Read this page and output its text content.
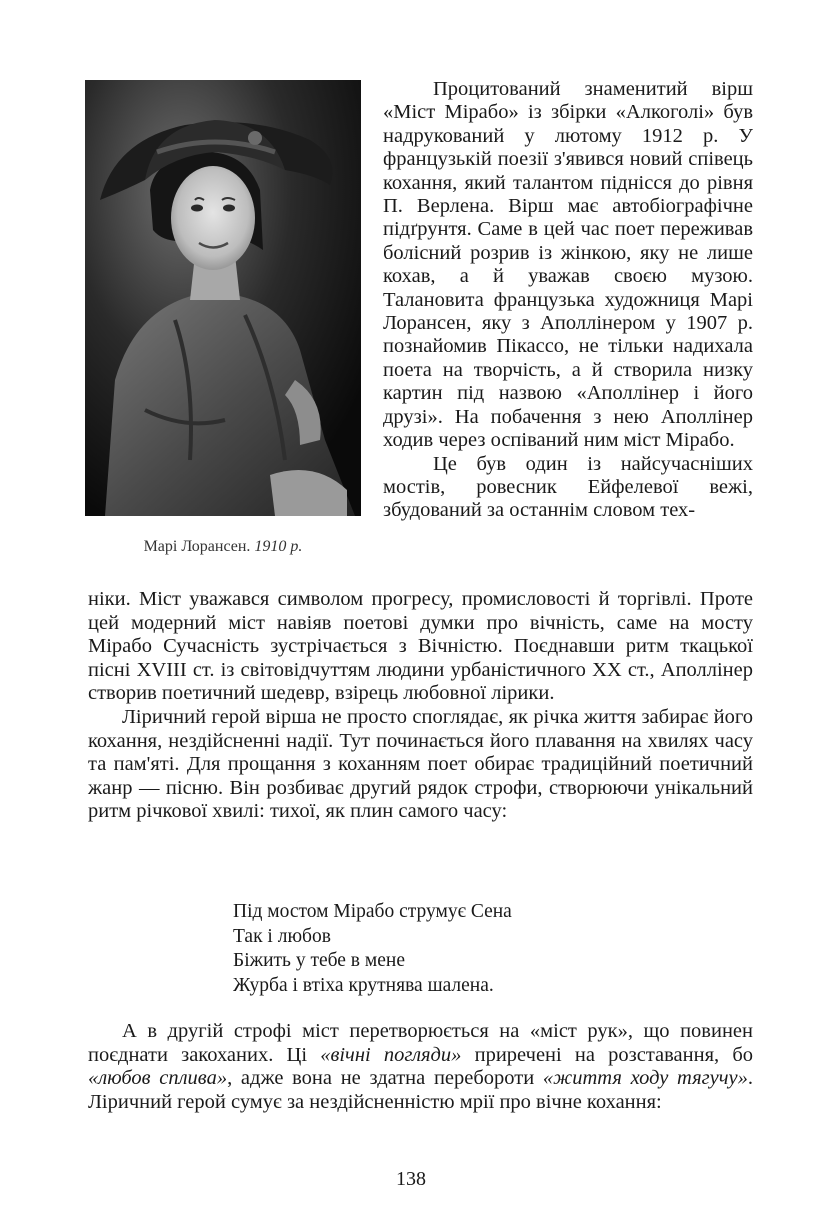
Марі Лорансен. 1910 р.

Процитований знаменитий вірш «Міст Мірабо» із збірки «Алкоголі» був надрукований у лютому 1912 р. У французькій поезії з'явився новий співець кохання, який талантом піднісся до рівня П. Верлена. Вірш має автобіографічне підґрунтя. Саме в цей час поет переживав болісний розрив із жінкою, яку не лише кохав, а й уважав своєю музою. Талановита французька художниця Марі Лорансен, яку з Аполлінером у 1907 р. познайомив Пікассо, не тільки надихала поета на творчість, а й створила низку картин під назвою «Аполлінер і його друзі». На побачення з нею Аполлінер ходив через оспіваний ним міст Мірабо.

Це був один із найсучасніших мостів, ровесник Ейфелевої вежі, збудований за останнім словом тех-

ніки. Міст уважався символом прогресу, промисловості й торгівлі. Проте цей модерний міст навіяв поетові думки про вічність, саме на мосту Мірабо Сучасність зустрічається з Вічністю. Поєднавши ритм ткацької пісні XVIII ст. із світовідчуттям людини урбаністичного XX ст., Аполлінер створив поетичний шедевр, взірець любовної лірики.

Ліричний герой вірша не просто споглядає, як річка життя забирає його кохання, нездійсненні надії. Тут починається його плавання на хвилях часу та пам'яті. Для прощання з коханням поет обирає традиційний поетичний жанр — пісню. Він розбиває другий рядок строфи, створюючи унікальний ритм річкової хвилі: тихої, як плин самого часу:

Під мостом Мірабо струмує Сена
Так і любов
Біжить у тебе в мене
Журба і втіха крутнява шалена.

А в другій строфі міст перетворюється на «міст рук», що повинен поєднати закоханих. Ці «вічні погляди» приречені на розставання, бо «любов сплива», адже вона не здатна перебороти «життя ходу тягучу». Ліричний герой сумує за нездійсненністю мрії про вічне кохання:

138
